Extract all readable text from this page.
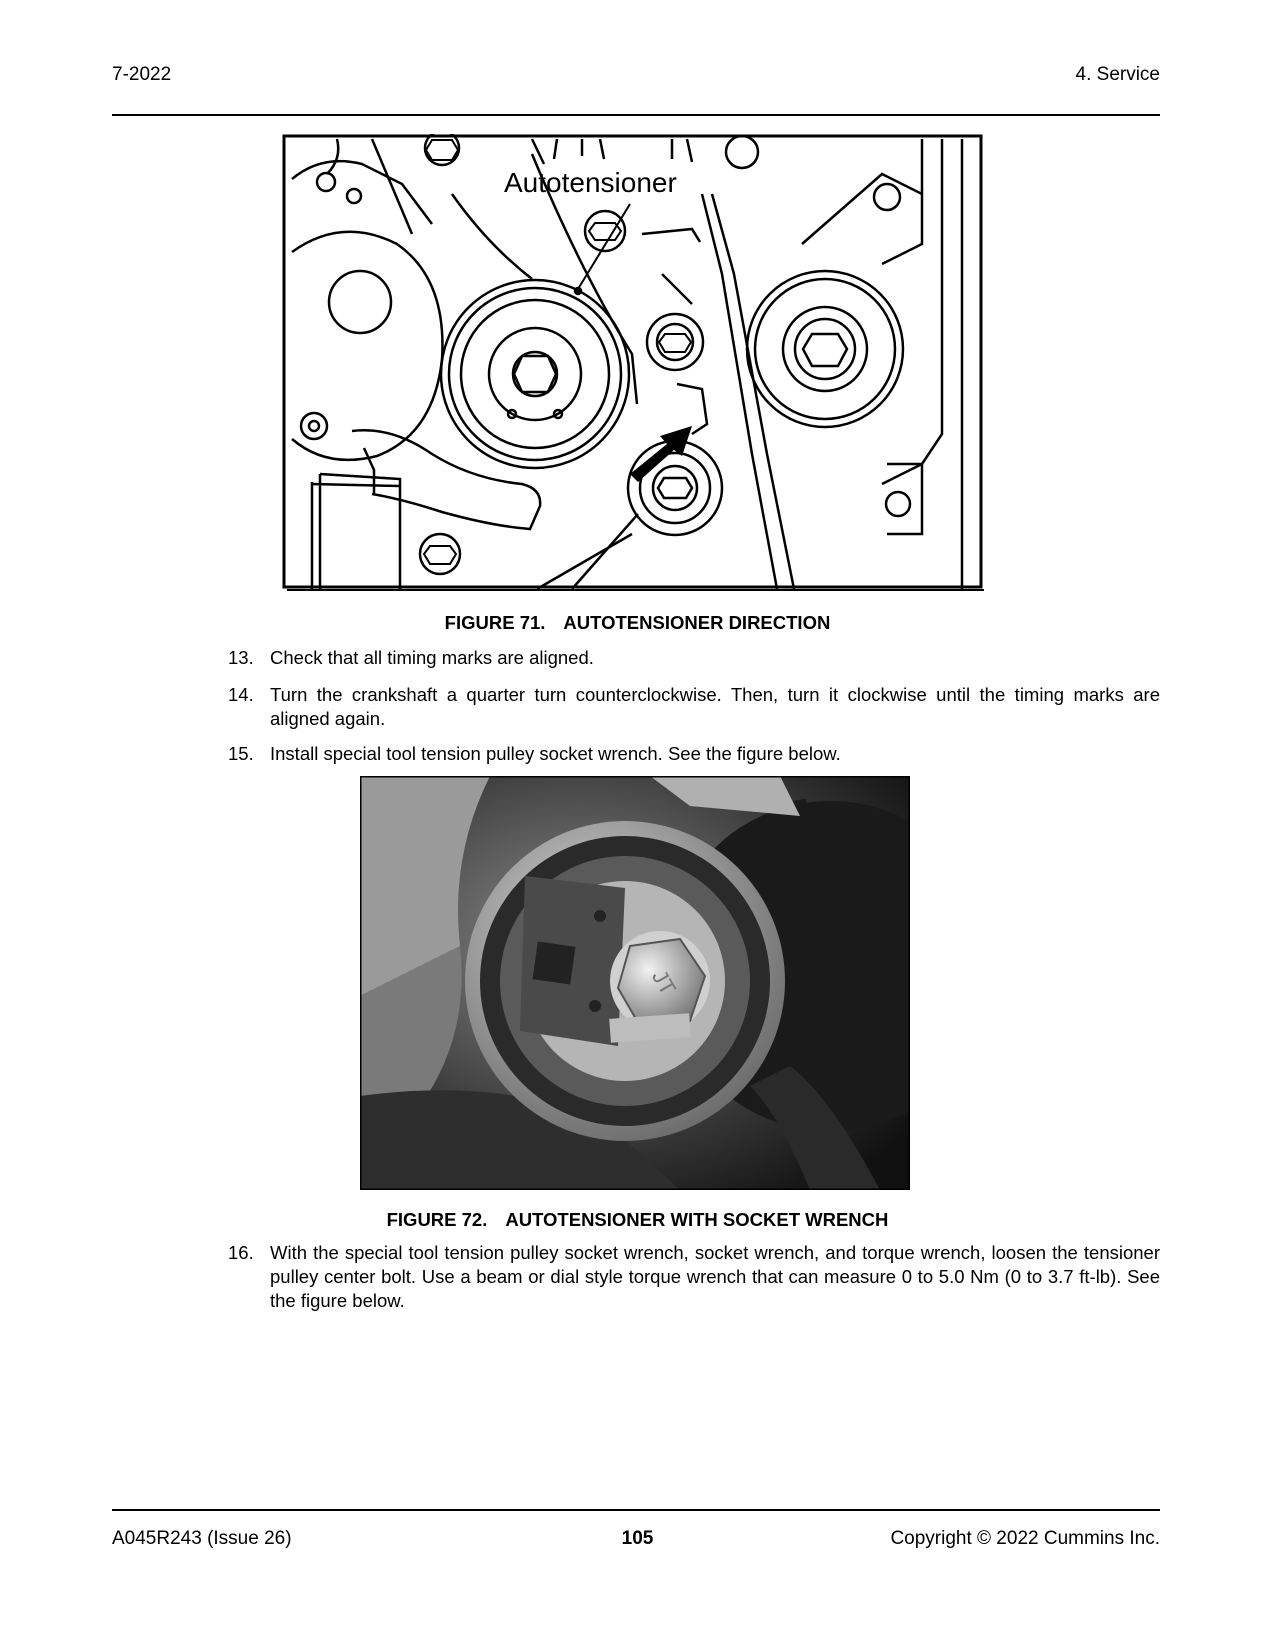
7-2022	4. Service
Autotensioner
FIGURE 71. AUTOTENSIONER DIRECTION
13. Check that all timing marks are aligned.
14. Turn the crankshaft a quarter turn counterclockwise. Then, turn it clockwise until the timing marks are aligned again.
15. Install special tool tension pulley socket wrench. See the figure below.
JT
FIGURE 72. AUTOTENSIONER WITH SOCKET WRENCH
16. With the special tool tension pulley socket wrench, socket wrench, and torque wrench, loosen the tensioner pulley center bolt. Use a beam or dial style torque wrench that can measure 0 to 5.0 Nm (0 to 3.7 ft-lb). See the figure below.
A045R243 (Issue 26)	105	Copyright © 2022 Cummins Inc.
